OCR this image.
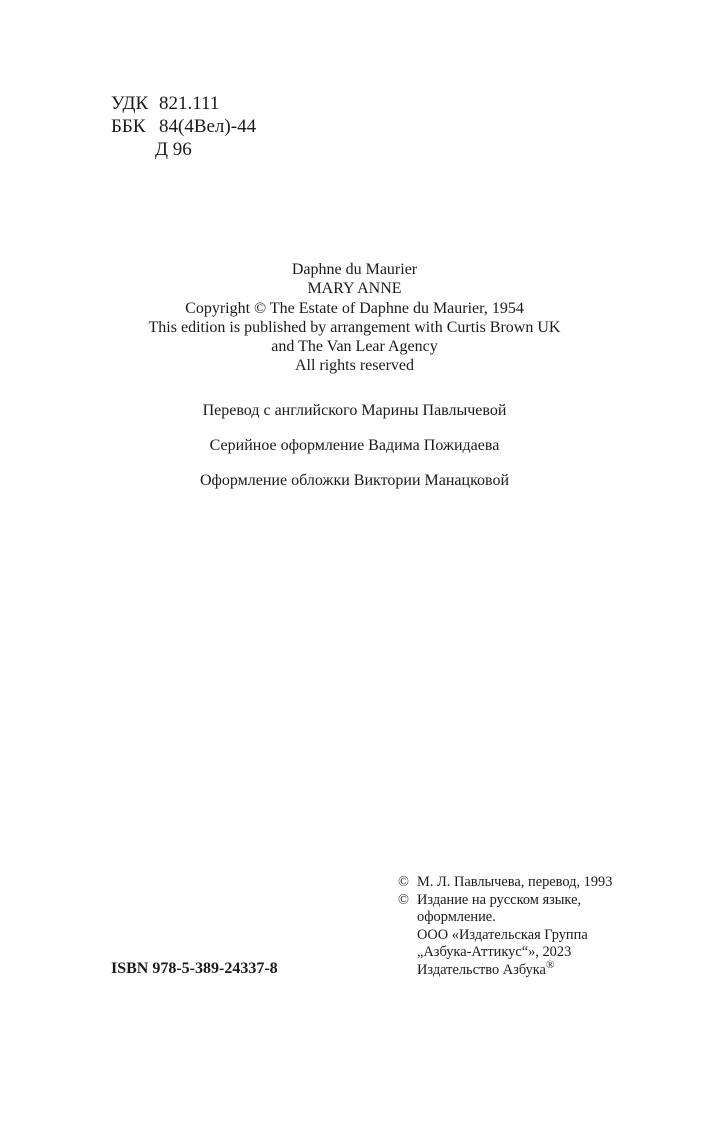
УДК 821.111
ББК 84(4Вел)-44
Д 96
Daphne du Maurier
MARY ANNE
Copyright © The Estate of Daphne du Maurier, 1954
This edition is published by arrangement with Curtis Brown UK
and The Van Lear Agency
All rights reserved
Перевод с английского Марины Павлычевой
Серийное оформление Вадима Пожидаева
Оформление обложки Виктории Манацковой
ISBN 978-5-389-24337-8
© М. Л. Павлычева, перевод, 1993
© Издание на русском языке,
оформление.
ООО «Издательская Группа
„Азбука-Аттикус“», 2023
Издательство Азбука®
